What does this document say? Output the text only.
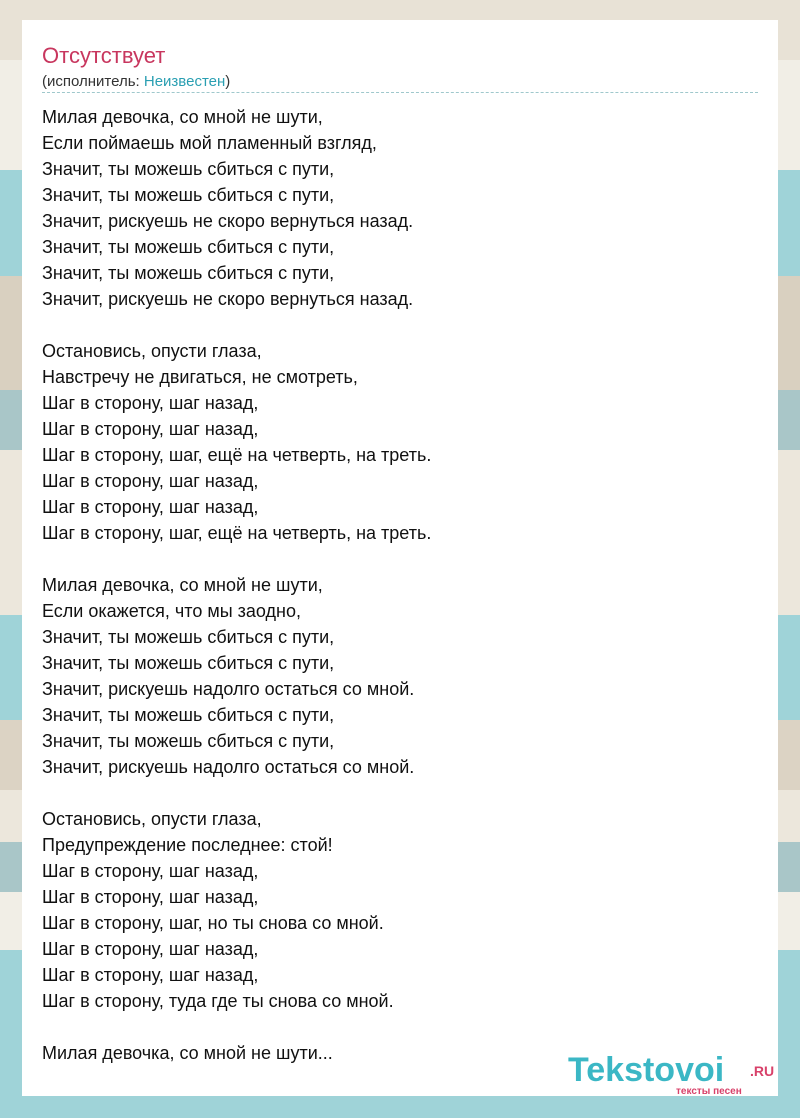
Отсутствует
(исполнитель: Неизвестен)
Милая девочка, со мной не шути,
Если поймаешь мой пламенный взгляд,
Значит, ты можешь сбиться с пути,
Значит, ты можешь сбиться с пути,
Значит, рискуешь не скоро вернуться назад.
Значит, ты можешь сбиться с пути,
Значит, ты можешь сбиться с пути,
Значит, рискуешь не скоро вернуться назад.
Остановись, опусти глаза,
Навстречу не двигаться, не смотреть,
Шаг в сторону, шаг назад,
Шаг в сторону, шаг назад,
Шаг в сторону, шаг, ещё на четверть, на треть.
Шаг в сторону, шаг назад,
Шаг в сторону, шаг назад,
Шаг в сторону, шаг, ещё на четверть, на треть.
Милая девочка, со мной не шути,
Если окажется, что мы заодно,
Значит, ты можешь сбиться с пути,
Значит, ты можешь сбиться с пути,
Значит, рискуешь надолго остаться со мной.
Значит, ты можешь сбиться с пути,
Значит, ты можешь сбиться с пути,
Значит, рискуешь надолго остаться со мной.
Остановись, опусти глаза,
Предупреждение последнее: стой!
Шаг в сторону, шаг назад,
Шаг в сторону, шаг назад,
Шаг в сторону, шаг, но ты снова со мной.
Шаг в сторону, шаг назад,
Шаг в сторону, шаг назад,
Шаг в сторону, туда где ты снова со мной.
Милая девочка, со мной не шути...	Tekstovoi .RU
тексты песен
